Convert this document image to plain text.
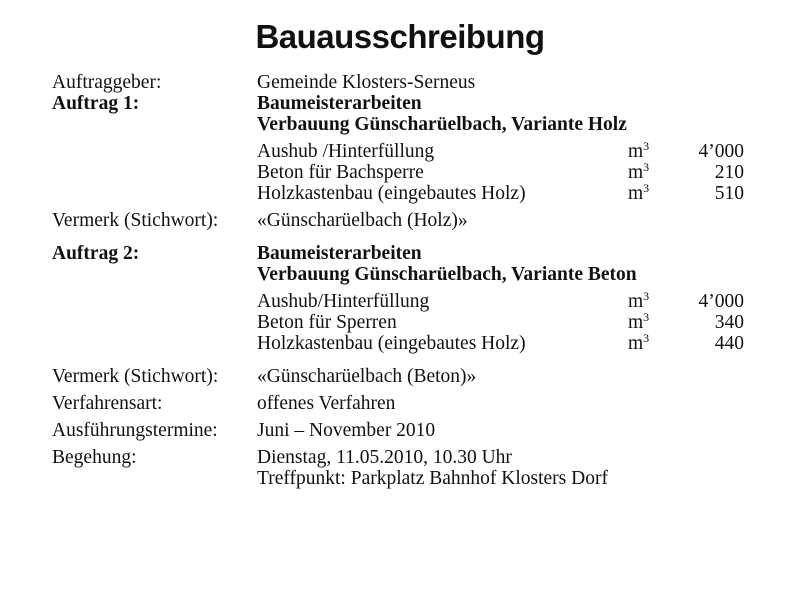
Bauausschreibung
Auftraggeber:	Gemeinde Klosters-Serneus
Auftrag 1:	Baumeisterarbeiten
Verbauung Günscharüelbach, Variante Holz
Aushub /Hinterfüllung	$m^3$	4’000
Beton für Bachsperre	$m^3$	210
Holzkastenbau (eingebautes Holz)	$m^3$	510
Vermerk (Stichwort): «Günscharüelbach (Holz)»
Auftrag 2:	Baumeisterarbeiten
Verbauung Günscharüelbach, Variante Beton
Aushub/Hinterfüllung	$m^3$	4’000
Beton für Sperren	$m^3$	340
Holzkastenbau (eingebautes Holz)	$m^3$	440
Vermerk (Stichwort): «Günscharüelbach (Beton)»
Verfahrensart:	offenes Verfahren
Ausführungstermine: Juni – November 2010
Begehung:	Dienstag, 11.05.2010, 10.30 Uhr
Treffpunkt: Parkplatz Bahnhof Klosters Dorf
